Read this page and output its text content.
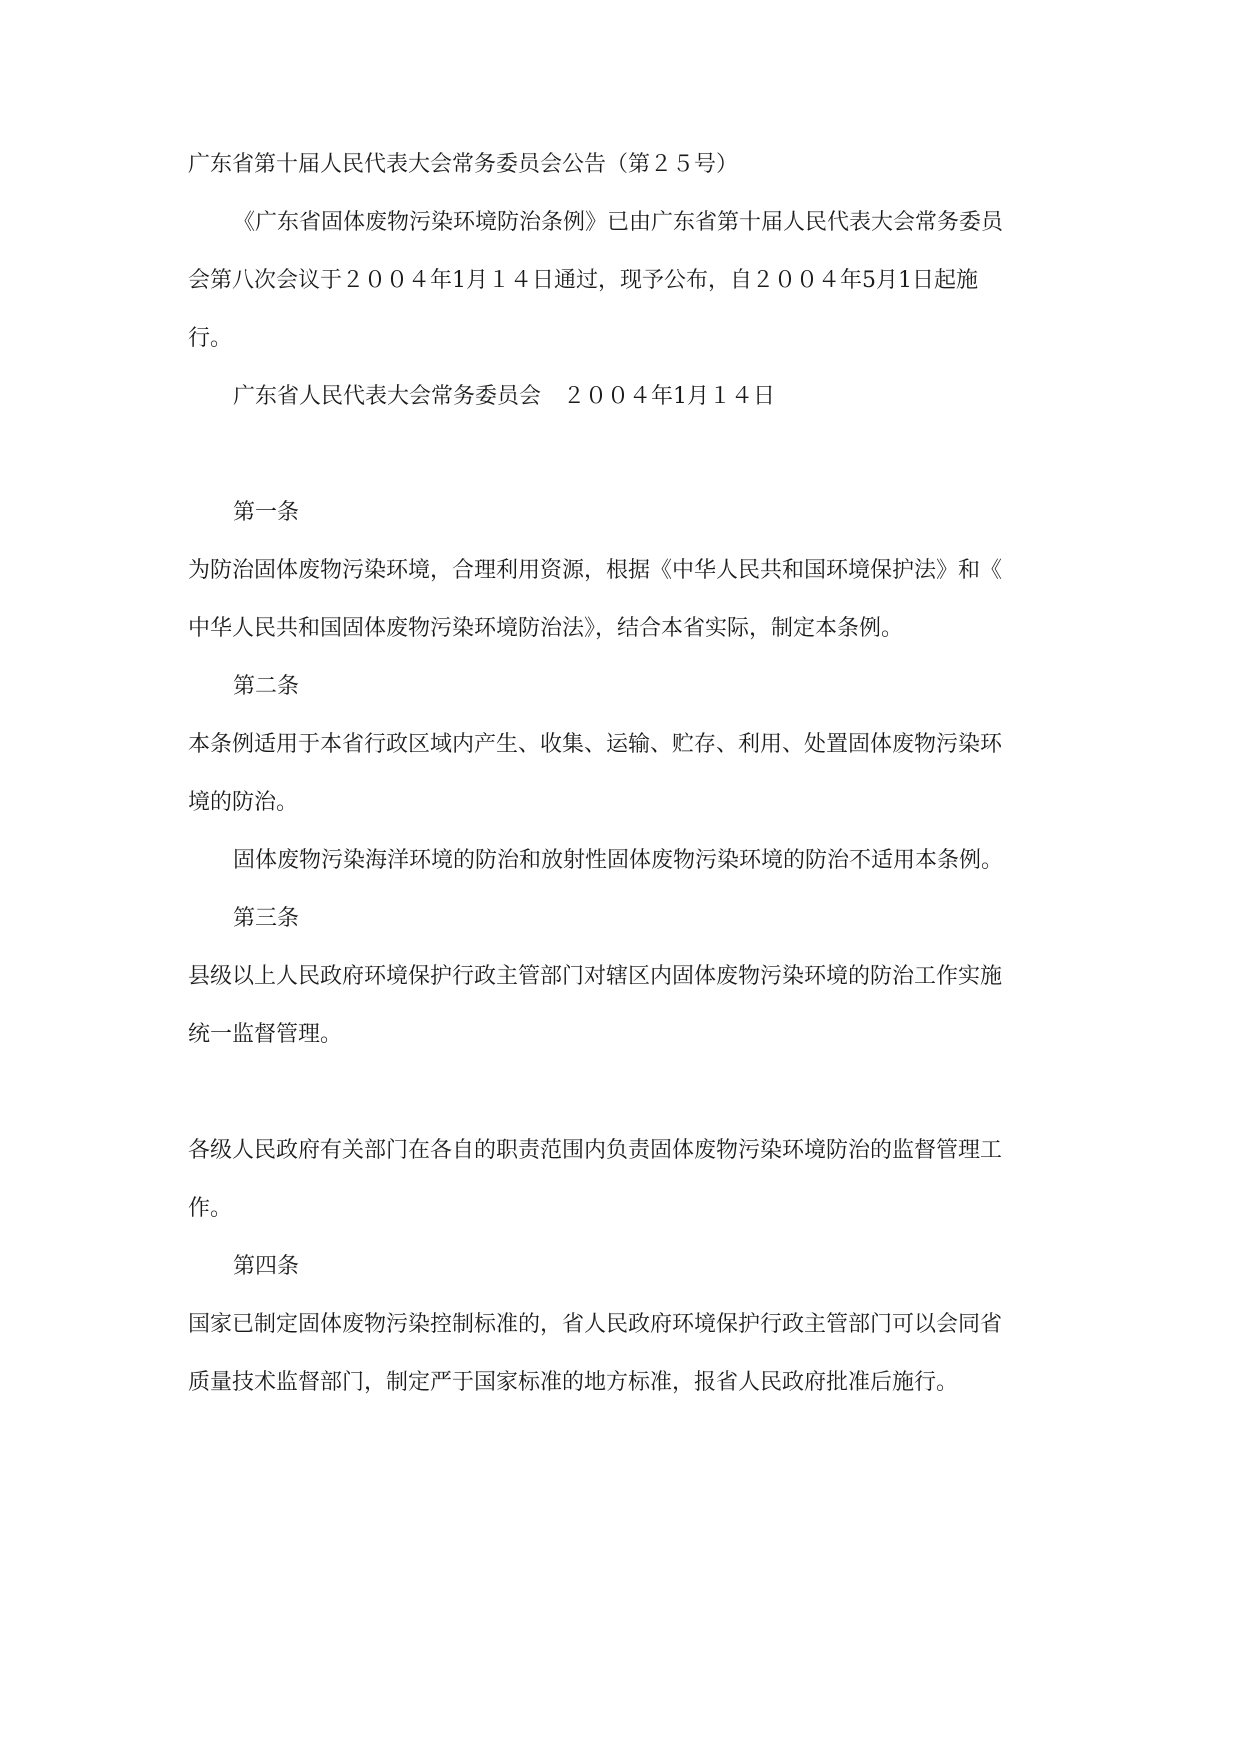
广东省第十届人民代表大会常务委员会公告（第２５号）

《广东省固体废物污染环境防治条例》已由广东省第十届人民代表大会常务委员

会第八次会议于２００４年1月１４日通过，现予公布，自２００４年5月1日起施

行。

广东省人民代表大会常务委员会　２００４年1月１４日

第一条

为防治固体废物污染环境，合理利用资源，根据《中华人民共和国环境保护法》和《

中华人民共和国固体废物污染环境防治法》，结合本省实际，制定本条例。

第二条

本条例适用于本省行政区域内产生、收集、运输、贮存、利用、处置固体废物污染环

境的防治。

固体废物污染海洋环境的防治和放射性固体废物污染环境的防治不适用本条例。

第三条

县级以上人民政府环境保护行政主管部门对辖区内固体废物污染环境的防治工作实施

统一监督管理。

各级人民政府有关部门在各自的职责范围内负责固体废物污染环境防治的监督管理工

作。

第四条

国家已制定固体废物污染控制标准的，省人民政府环境保护行政主管部门可以会同省

质量技术监督部门，制定严于国家标准的地方标准，报省人民政府批准后施行。
